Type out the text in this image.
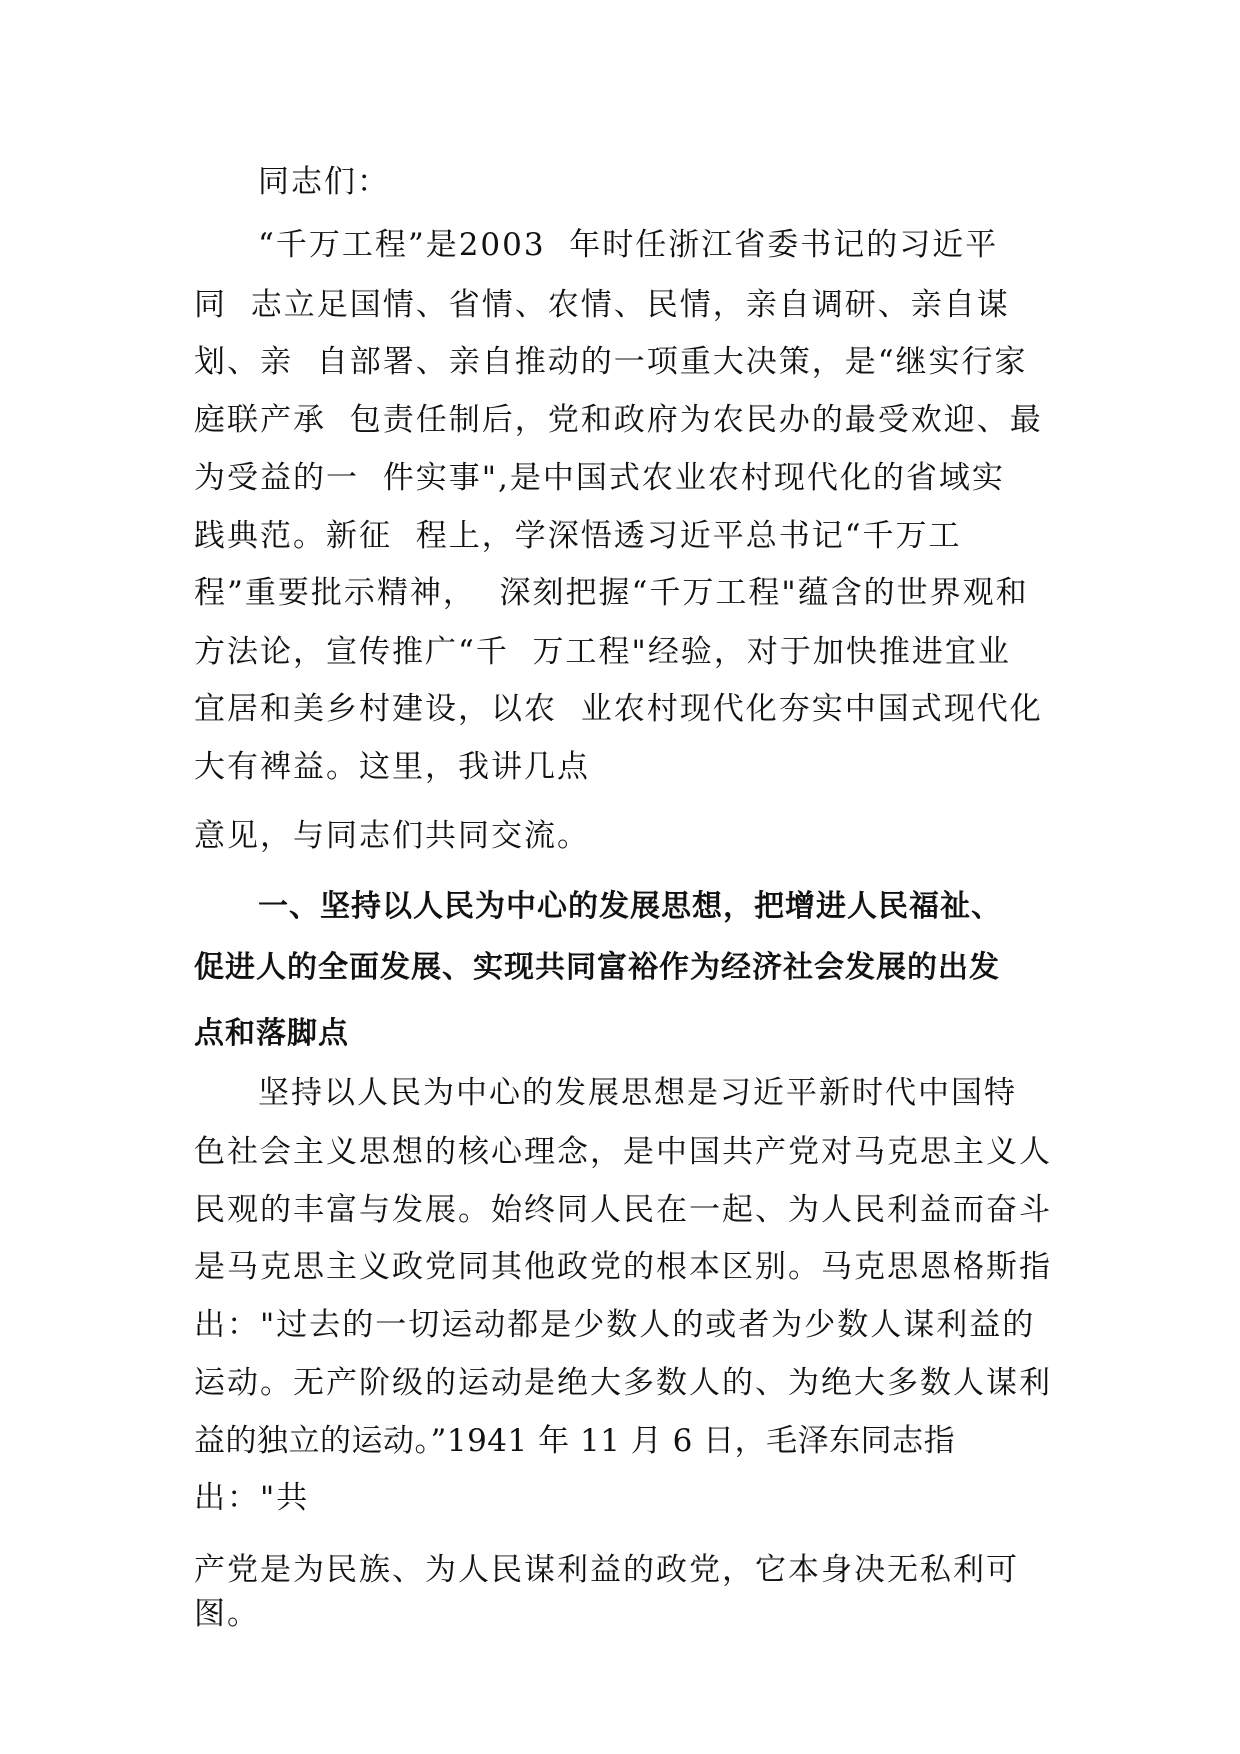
同志们：
“千万工程”是2003  年时任浙江省委书记的习近平
同  志立足国情、省情、农情、民情，亲自调研、亲自谋
划、亲  自部署、亲自推动的一项重大决策，是“继实行家
庭联产承  包责任制后，党和政府为农民办的最受欢迎、最
为受益的一  件实事",是中国式农业农村现代化的省域实
践典范。新征  程上，学深悟透习近平总书记“千万工
程”重要批示精神，  深刻把握“千万工程"蕴含的世界观和
方法论，宣传推广“千  万工程"经验，对于加快推进宜业
宜居和美乡村建设，以农  业农村现代化夯实中国式现代化
大有裨益。这里，我讲几点
意见，与同志们共同交流。
一、坚持以人民为中心的发展思想，把增进人民福祉、
促进人的全面发展、实现共同富裕作为经济社会发展的出发
点和落脚点
坚持以人民为中心的发展思想是习近平新时代中国特
色社会主义思想的核心理念，是中国共产党对马克思主义人
民观的丰富与发展。始终同人民在一起、为人民利益而奋斗
是马克思主义政党同其他政党的根本区别。马克思恩格斯指
出："过去的一切运动都是少数人的或者为少数人谋利益的
运动。无产阶级的运动是绝大多数人的、为绝大多数人谋利
益的独立的运动。”1941 年 11 月 6 日，毛泽东同志指
出："共
产党是为民族、为人民谋利益的政党，它本身决无私利可
图。
